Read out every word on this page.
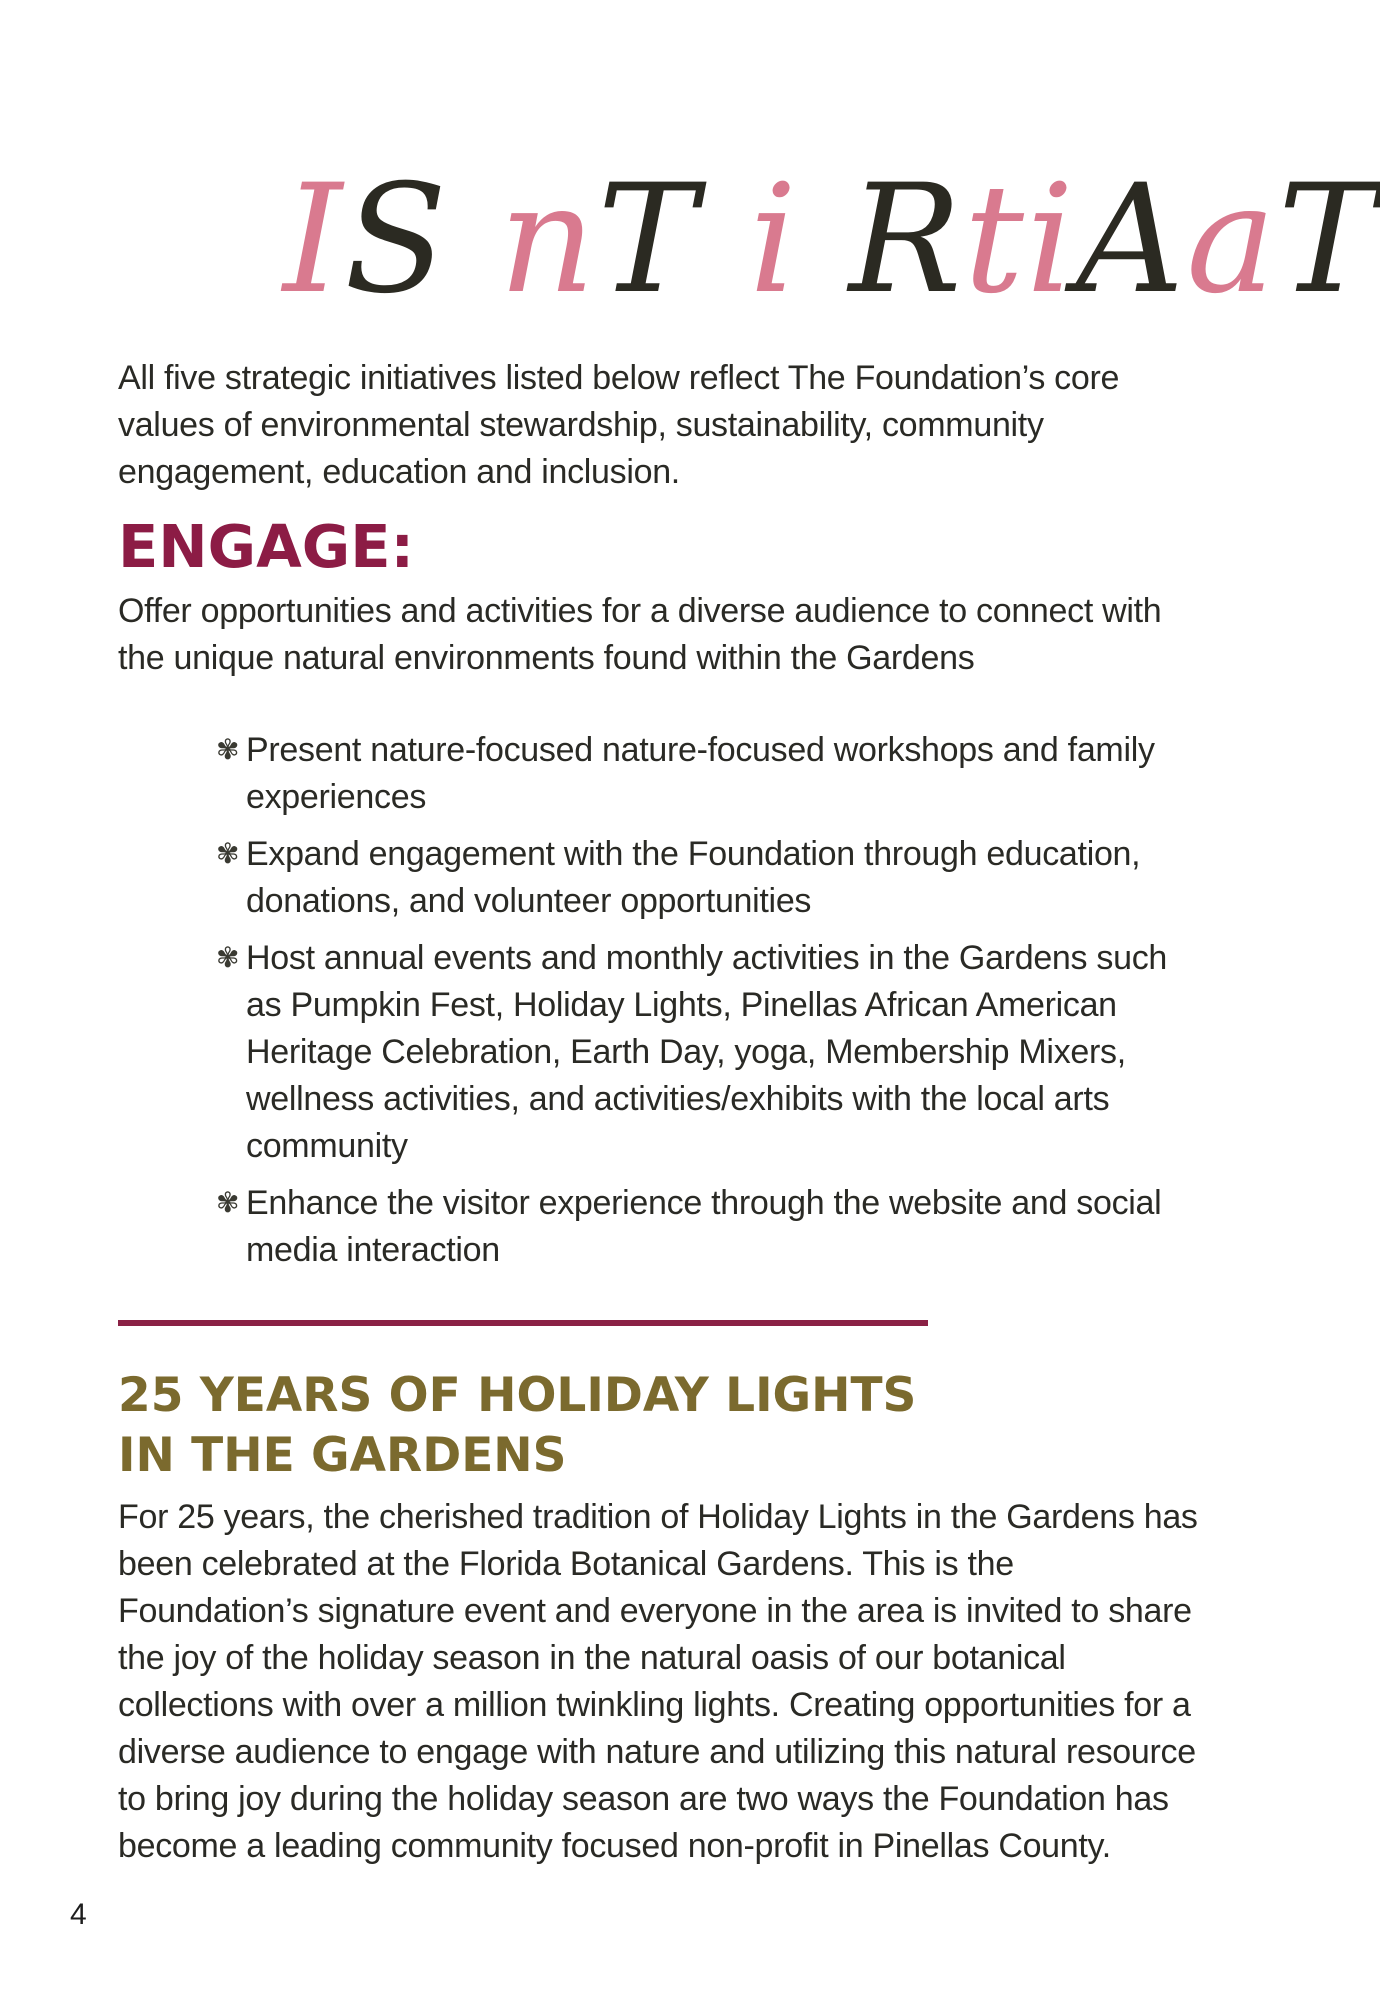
IS nT i RtiAaT

All five strategic initiatives listed below reflect The Foundation’s core values of environmental stewardship, sustainability, community engagement, education and inclusion.

ENGAGE:

Offer opportunities and activities for a diverse audience to connect with the unique natural environments found within the Gardens

✾ Present nature-focused nature-focused workshops and family experiences
✾ Expand engagement with the Foundation through education, donations, and volunteer opportunities
✾ Host annual events and monthly activities in the Gardens such as Pumpkin Fest, Holiday Lights, Pinellas African American Heritage Celebration, Earth Day, yoga, Membership Mixers, wellness activities, and activities/exhibits with the local arts community
✾ Enhance the visitor experience through the website and social media interaction
25 YEARS OF HOLIDAY LIGHTS
IN THE GARDENS

For 25 years, the cherished tradition of Holiday Lights in the Gardens has been celebrated at the Florida Botanical Gardens. This is the Foundation’s signature event and everyone in the area is invited to share the joy of the holiday season in the natural oasis of our botanical collections with over a million twinkling lights. Creating opportunities for a diverse audience to engage with nature and utilizing this natural resource to bring joy during the holiday season are two ways the Foundation has become a leading community focused non-profit in Pinellas County.

4
